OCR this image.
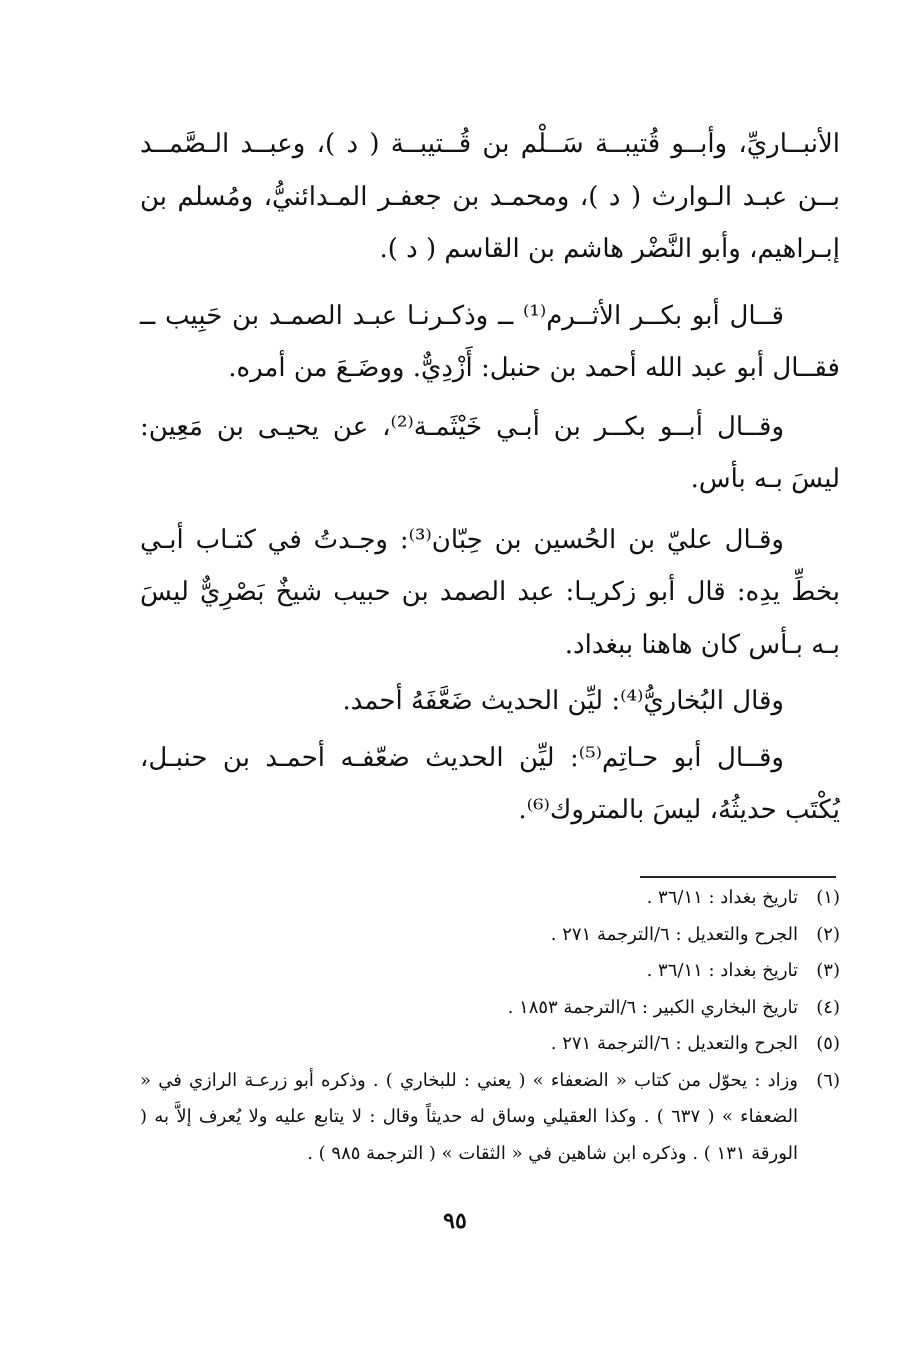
الأنبــاريِّ، وأبــو قُتيبــة سَــلْم بن قُــتيبــة ( د )، وعبــد الـصَّمــد بــن عبـد الـوارث ( د )، ومحمـد بن جعفـر المـدائنيُّ، ومُسلم بن إبـراهيم، وأبو النَّضْر هاشم بن القاسم ( د ).

قــال أبو بكــر الأثــرم⁽¹⁾ ــ وذكـرنـا عبـد الصمـد بن حَبِيب ــ فقــال أبو عبد الله أحمد بن حنبل: أَزْدِيٌّ. ووضَـعَ من أمره.

وقــال أبــو بكــر بن أبـي خَيْثَمـة⁽²⁾، عن يحيـى بن مَعِين: ليسَ بـه بأس.

وقـال عليّ بن الحُسين بن حِبّان⁽³⁾: وجـدتُ في كتـاب أبـي بخطِّ يدِه: قال أبو زكريـا: عبد الصمد بن حبيب شيخٌ بَصْرِيٌّ ليسَ بـه بـأس كان هاهنا ببغداد.

وقال البُخاريُّ⁽⁴⁾: ليِّن الحديث ضَعَّفَهُ أحمد.

وقــال أبو حـاتِم⁽⁵⁾: ليِّن الحديث ضعّفـه أحمـد بن حنبـل، يُكْتَب حديثُهُ، ليسَ بالمتروك⁽⁶⁾.

(١)
تاريخ بغداد : ٣٦/١١ .
(٢)
الجرح والتعديل : ٦/الترجمة ٢٧١ .
(٣)
تاريخ بغداد : ٣٦/١١ .
(٤)
تاريخ البخاري الكبير : ٦/الترجمة ١٨٥٣ .
(٥)
الجرح والتعديل : ٦/الترجمة ٢٧١ .
(٦)
وزاد : يحوّل من كتاب « الضعفاء » ( يعني : للبخاري ) . وذكره أبو زرعـة الرازي في « الضعفاء » ( ٦٣٧ ) . وكذا العقيلي وساق له حديثاً وقال : لا يتابع عليه ولا يُعرف إلاَّ به ( الورقة ١٣١ ) . وذكره ابن شاهين في « الثقات » ( الترجمة ٩٨٥ ) .
٩٥
